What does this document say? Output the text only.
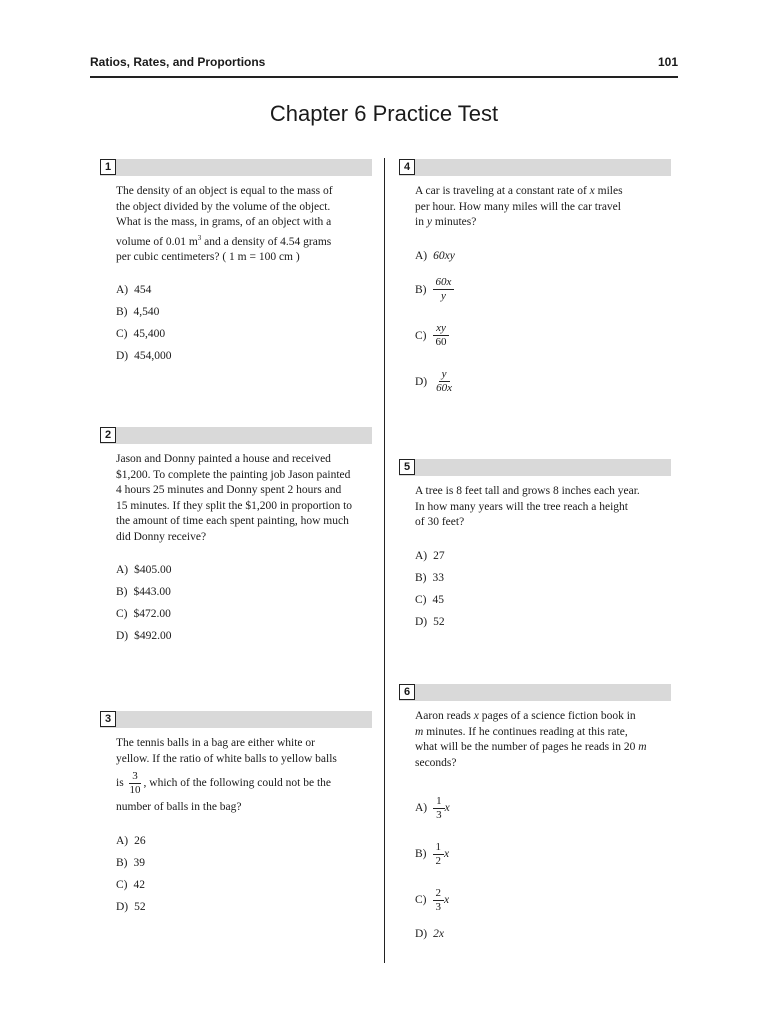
Ratios, Rates, and Proportions	101
Chapter 6 Practice Test
1

The density of an object is equal to the mass of

the object divided by the volume of the object.

What is the mass, in grams, of an object with a

volume of 0.01 $m^3$ and a density of 4.54 grams

per cubic centimeters? ( 1 m = 100 cm )

A) 454
B) 4,540
C) 45,400
D) 454,000
2

Jason and Donny painted a house and received

$1,200. To complete the painting job Jason painted

4 hours 25 minutes and Donny spent 2 hours and

15 minutes. If they split the $1,200 in proportion to

the amount of time each spent painting, how much

did Donny receive?

A) $405.00
B) $443.00
C) $472.00
D) $492.00
3

The tennis balls in a bag are either white or

yellow. If the ratio of white balls to yellow balls

is $\frac{3}{10}$ , which of the following could not be the

number of balls in the bag?

A) 26
B) 39
C) 42
D) 52
4

A car is traveling at a constant rate of x miles

per hour. How many miles will the car travel

in y minutes?

A) 60xy
$B) \frac{60x}{y}$
$C) \frac{xy}{60}$
$D) \frac{y}{60x}$
5

A tree is 8 feet tall and grows 8 inches each year.

In how many years will the tree reach a height

of 30 feet?

A) 27
B) 33
C) 45
D) 52
6

Aaron reads x pages of a science fiction book in

m minutes. If he continues reading at this rate,

what will be the number of pages he reads in 20 m

seconds?

$A) \frac{1}{3}$ x
$B) \frac{1}{2}$ x
$C) \frac{2}{3}$ x
D) 2x
